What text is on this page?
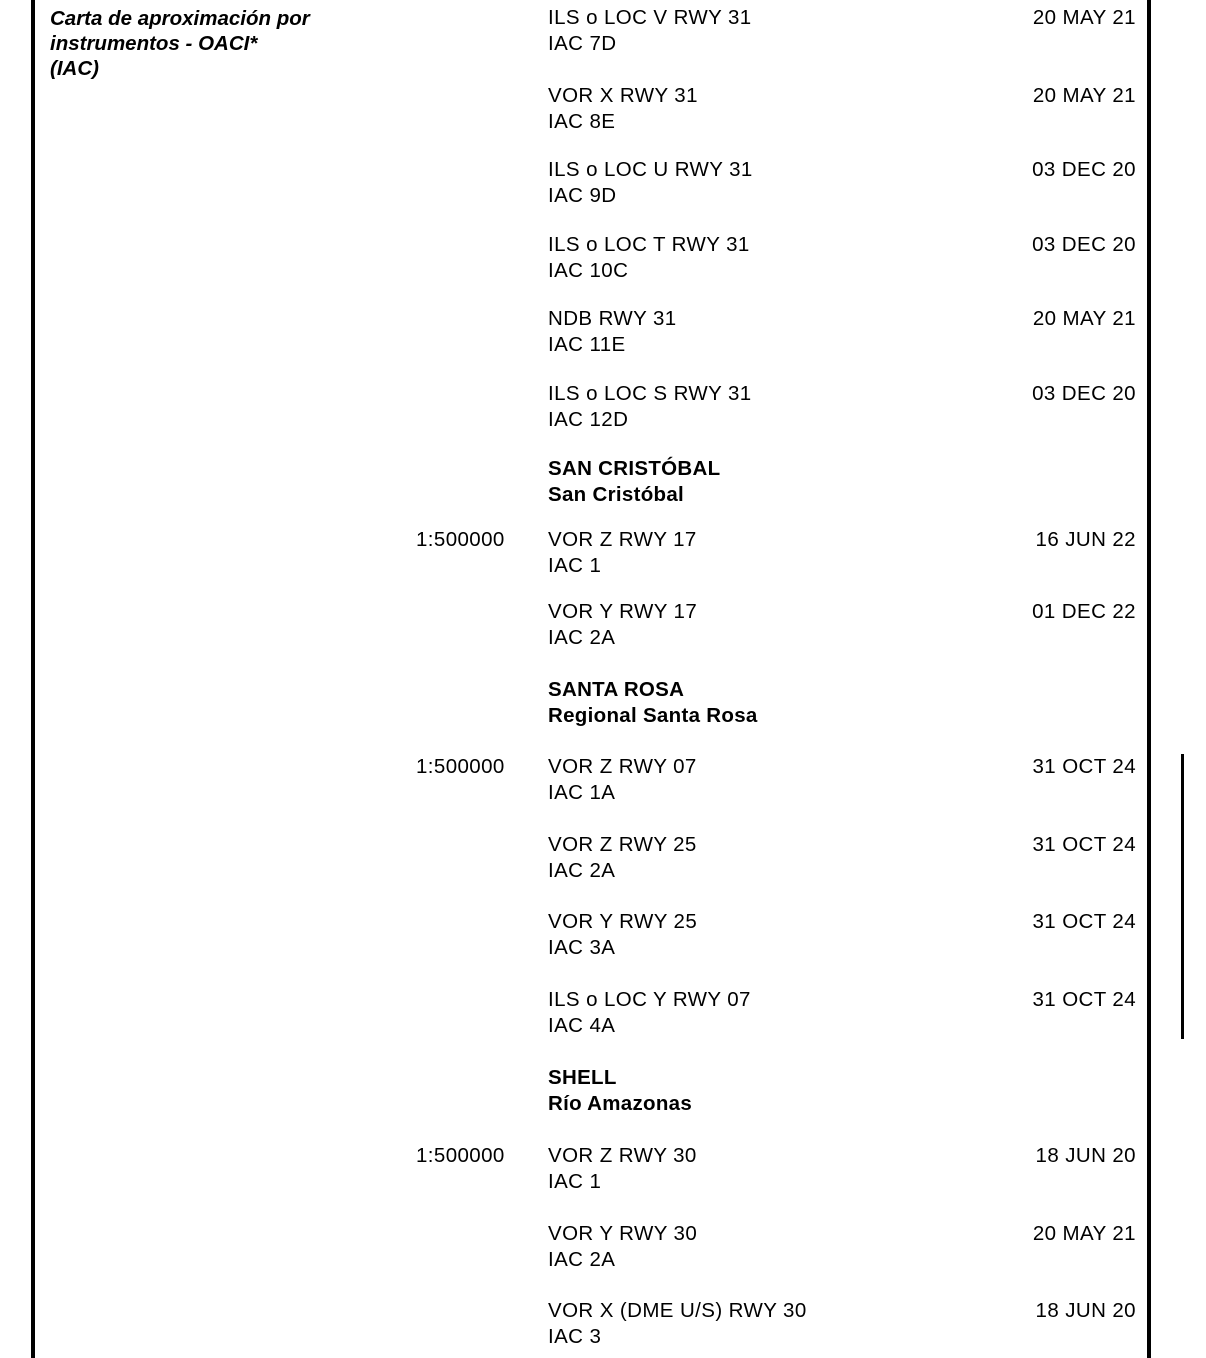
Carta de aproximación por
instrumentos - OACI*
(IAC)
ILS o LOC V RWY 31
IAC 7D
20 MAY 21
VOR X RWY 31
IAC 8E
20 MAY 21
ILS o LOC U RWY 31
IAC 9D
03 DEC 20
ILS o LOC T RWY 31
IAC 10C
03 DEC 20
NDB RWY 31
IAC 11E
20 MAY 21
ILS o LOC S RWY 31
IAC 12D
03 DEC 20
SAN CRISTÓBAL
San Cristóbal
1:500000 VOR Z RWY 17
IAC 1
16 JUN 22
VOR Y RWY 17
IAC 2A
01 DEC 22
SANTA ROSA
Regional Santa Rosa
1:500000 VOR Z RWY 07
IAC 1A
31 OCT 24
VOR Z RWY 25
IAC 2A
31 OCT 24
VOR Y RWY 25
IAC 3A
31 OCT 24
ILS o LOC Y RWY 07
IAC 4A
31 OCT 24
SHELL
Río Amazonas
1:500000 VOR Z RWY 30
IAC 1
18 JUN 20
VOR Y RWY 30
IAC 2A
20 MAY 21
VOR X (DME U/S) RWY 30
IAC 3
18 JUN 20
